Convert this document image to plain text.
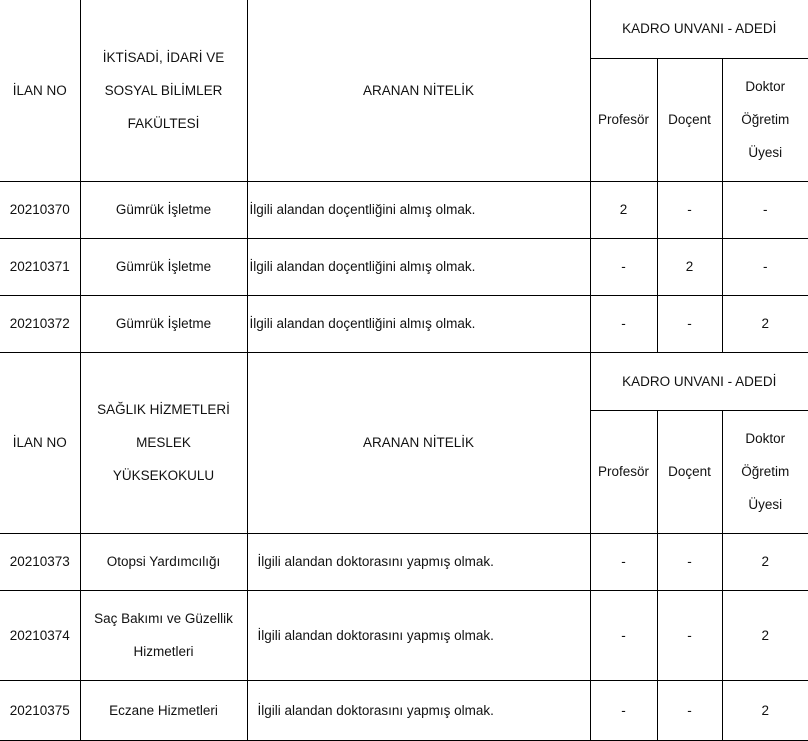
İLAN NO	İKTİSADİ, İDARİ VE
SOSYAL BİLİMLER
FAKÜLTESİ	ARANAN NİTELİK	KADRO UNVANI - ADEDİ		
			Profesör	Doçent	Doktor
Öğretim
Üyesi

20210370	Gümrük İşletme	İlgili alandan doçentliğini almış olmak.	2	-	-
20210371	Gümrük İşletme	İlgili alandan doçentliğini almış olmak.	-	2	-
20210372	Gümrük İşletme	İlgili alandan doçentliğini almış olmak.	-	-	2
İLAN NO	SAĞLIK HİZMETLERİ
MESLEK
YÜKSEKOKULU	ARANAN NİTELİK	KADRO UNVANI - ADEDİ		
			Profesör	Doçent	Doktor
Öğretim
Üyesi

20210373	Otopsi Yardımcılığı	İlgili alandan doktorasını yapmış olmak.	-	-	2
20210374	Saç Bakımı ve Güzellik
Hizmetleri	İlgili alandan doktorasını yapmış olmak.	-	-	2
20210375	Eczane Hizmetleri	İlgili alandan doktorasını yapmış olmak.	-	-	2
